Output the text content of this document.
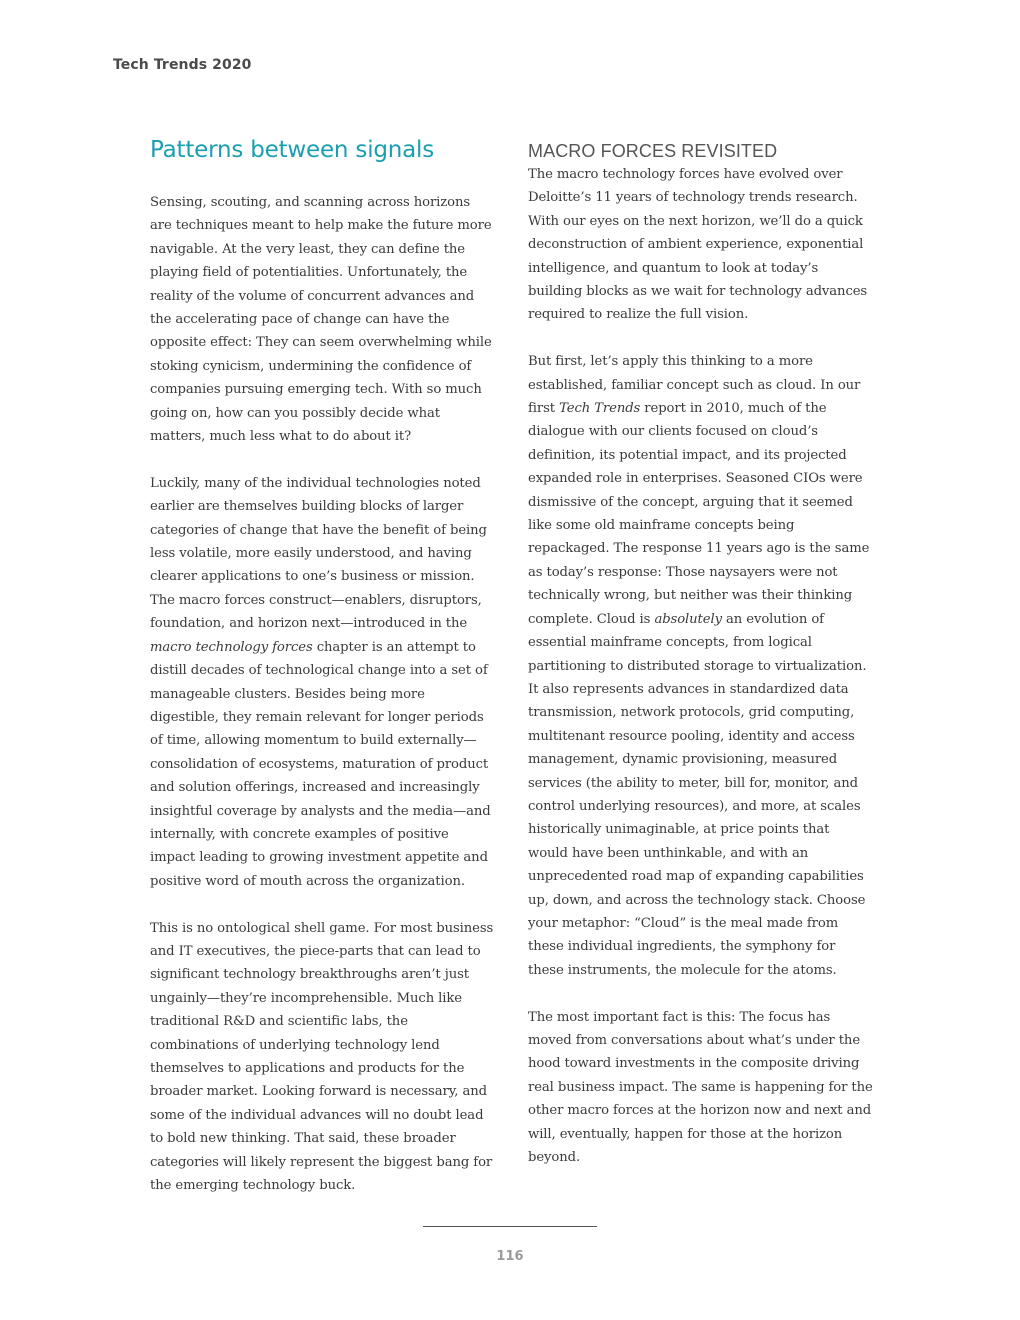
Tech Trends 2020
Patterns between signals

Sensing, scouting, and scanning across horizons are techniques meant to help make the future more navigable. At the very least, they can define the playing field of potentialities. Unfortunately, the reality of the volume of concurrent advances and the accelerating pace of change can have the opposite effect: They can seem overwhelming while stoking cynicism, undermining the confidence of companies pursuing emerging tech. With so much going on, how can you possibly decide what matters, much less what to do about it?

Luckily, many of the individual technologies noted earlier are themselves building blocks of larger categories of change that have the benefit of being less volatile, more easily understood, and having clearer applications to one’s business or mission. The macro forces construct—enablers, disruptors, foundation, and horizon next—introduced in the macro technology forces chapter is an attempt to distill decades of technological change into a set of manageable clusters. Besides being more digestible, they remain relevant for longer periods of time, allowing momentum to build externally—consolidation of ecosystems, maturation of product and solution offerings, increased and increasingly insightful coverage by analysts and the media—and internally, with concrete examples of positive impact leading to growing investment appetite and positive word of mouth across the organization.

This is no ontological shell game. For most business and IT executives, the piece-parts that can lead to significant technology breakthroughs aren’t just ungainly—they’re incomprehensible. Much like traditional R&D and scientific labs, the combinations of underlying technology lend themselves to applications and products for the broader market. Looking forward is necessary, and some of the individual advances will no doubt lead to bold new thinking. That said, these broader categories will likely represent the biggest bang for the emerging technology buck.

MACRO FORCES REVISITED

The macro technology forces have evolved over Deloitte’s 11 years of technology trends research. With our eyes on the next horizon, we’ll do a quick deconstruction of ambient experience, exponential intelligence, and quantum to look at today’s building blocks as we wait for technology advances required to realize the full vision.

But first, let’s apply this thinking to a more established, familiar concept such as cloud. In our first Tech Trends report in 2010, much of the dialogue with our clients focused on cloud’s definition, its potential impact, and its projected expanded role in enterprises. Seasoned CIOs were dismissive of the concept, arguing that it seemed like some old mainframe concepts being repackaged. The response 11 years ago is the same as today’s response: Those naysayers were not technically wrong, but neither was their thinking complete. Cloud is absolutely an evolution of essential mainframe concepts, from logical partitioning to distributed storage to virtualization. It also represents advances in standardized data transmission, network protocols, grid computing, multitenant resource pooling, identity and access management, dynamic provisioning, measured services (the ability to meter, bill for, monitor, and control underlying resources), and more, at scales historically unimaginable, at price points that would have been unthinkable, and with an unprecedented road map of expanding capabilities up, down, and across the technology stack. Choose your metaphor: “Cloud” is the meal made from these individual ingredients, the symphony for these instruments, the molecule for the atoms.

The most important fact is this: The focus has moved from conversations about what’s under the hood toward investments in the composite driving real business impact. The same is happening for the other macro forces at the horizon now and next and will, eventually, happen for those at the horizon beyond.

116
